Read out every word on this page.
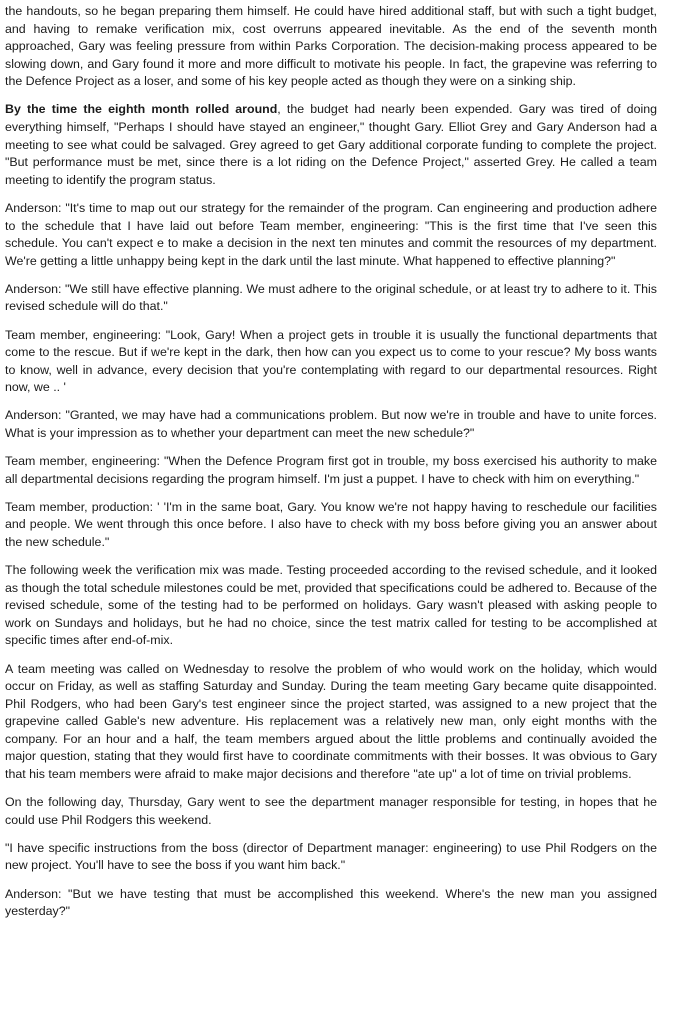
the handouts, so he began preparing them himself. He could have hired additional staff, but with such a tight budget, and having to remake verification mix, cost overruns appeared inevitable. As the end of the seventh month approached, Gary was feeling pressure from within Parks Corporation. The decision-making process appeared to be slowing down, and Gary found it more and more difficult to motivate his people. In fact, the grapevine was referring to the Defence Project as a loser, and some of his key people acted as though they were on a sinking ship.

By the time the eighth month rolled around, the budget had nearly been expended. Gary was tired of doing everything himself, "Perhaps I should have stayed an engineer," thought Gary. Elliot Grey and Gary Anderson had a meeting to see what could be salvaged. Grey agreed to get Gary additional corporate funding to complete the project. "But performance must be met, since there is a lot riding on the Defence Project," asserted Grey. He called a team meeting to identify the program status.

Anderson: "It's time to map out our strategy for the remainder of the program. Can engineering and production adhere to the schedule that I have laid out before Team member, engineering: "This is the first time that I've seen this schedule. You can't expect e to make a decision in the next ten minutes and commit the resources of my department. We're getting a little unhappy being kept in the dark until the last minute. What happened to effective planning?"

Anderson: "We still have effective planning. We must adhere to the original schedule, or at least try to adhere to it. This revised schedule will do that."

Team member, engineering: "Look, Gary! When a project gets in trouble it is usually the functional departments that come to the rescue. But if we're kept in the dark, then how can you expect us to come to your rescue? My boss wants to know, well in advance, every decision that you're contemplating with regard to our departmental resources. Right now, we .. '

Anderson: "Granted, we may have had a communications problem. But now we're in trouble and have to unite forces. What is your impression as to whether your department can meet the new schedule?"

Team member, engineering: "When the Defence Program first got in trouble, my boss exercised his authority to make all departmental decisions regarding the program himself. I'm just a puppet. I have to check with him on everything."

Team member, production: ' 'I'm in the same boat, Gary. You know we're not happy having to reschedule our facilities and people. We went through this once before. I also have to check with my boss before giving you an answer about the new schedule."

The following week the verification mix was made. Testing proceeded according to the revised schedule, and it looked as though the total schedule milestones could be met, provided that specifications could be adhered to. Because of the revised schedule, some of the testing had to be performed on holidays. Gary wasn't pleased with asking people to work on Sundays and holidays, but he had no choice, since the test matrix called for testing to be accomplished at specific times after end-of-mix.

A team meeting was called on Wednesday to resolve the problem of who would work on the holiday, which would occur on Friday, as well as staffing Saturday and Sunday. During the team meeting Gary became quite disappointed. Phil Rodgers, who had been Gary's test engineer since the project started, was assigned to a new project that the grapevine called Gable's new adventure. His replacement was a relatively new man, only eight months with the company. For an hour and a half, the team members argued about the little problems and continually avoided the major question, stating that they would first have to coordinate commitments with their bosses. It was obvious to Gary that his team members were afraid to make major decisions and therefore "ate up" a lot of time on trivial problems.

On the following day, Thursday, Gary went to see the department manager responsible for testing, in hopes that he could use Phil Rodgers this weekend.

"I have specific instructions from the boss (director of Department manager: engineering) to use Phil Rodgers on the new project. You'll have to see the boss if you want him back."

Anderson: "But we have testing that must be accomplished this weekend. Where's the new man you assigned yesterday?"
